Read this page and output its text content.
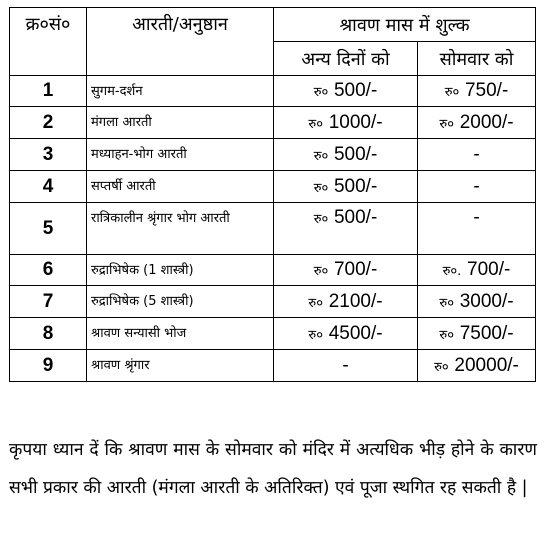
क्र०सं०	आरती/अनुष्ठान	श्रावण मास में शुल्क	
		अन्य दिनों को	सोमवार को
1	सुगम-दर्शन	रु० 500/-	रु० 750/-
2	मंगला आरती	रु० 1000/-	रु० 2000/-
3	मध्याहन-भोग आरती	रु० 500/-	-
4	सप्तर्षी आरती	रु० 500/-	-
5	रात्रिकालीन श्रृंगार भोग आरती	रु० 500/-	-
6	रुद्राभिषेक (1 शास्त्री)	रु० 700/-	रु०. 700/-
7	रुद्राभिषेक (5 शास्त्री)	रु० 2100/-	रु० 3000/-
8	श्रावण सन्यासी भोज	रु० 4500/-	रु० 7500/-
9	श्रावण श्रृंगार	-	रु० 20000/-

कृपया ध्यान दें कि श्रावण मास के सोमवार को मंदिर में अत्यधिक भीड़ होने के कारण सभी प्रकार की आरती (मंगला आरती के अतिरिक्त) एवं पूजा स्थगित रह सकती है |
